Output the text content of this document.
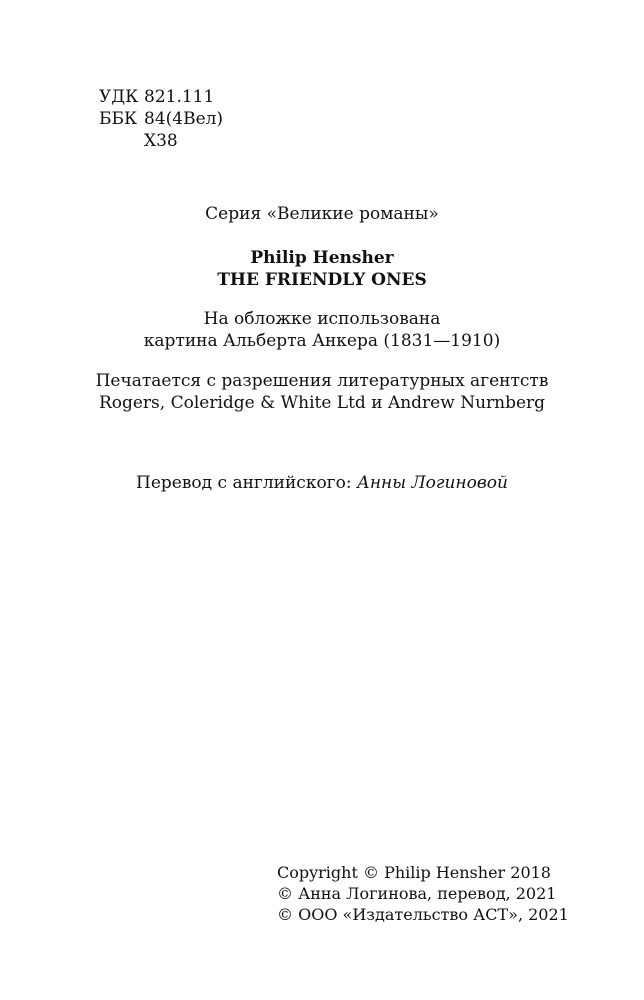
УДК 821.111
ББК 84(4Вел)
Х38
Серия «Великие романы»
Philip Hensher
THE FRIENDLY ONES
На обложке использована
картина Альберта Анкера (1831—1910)
Печатается с разрешения литературных агентств
Rogers, Coleridge & White Ltd и Andrew Nurnberg
Перевод с английского: Анны Логиновой
Copyright © Philip Hensher 2018
© Анна Логинова, перевод, 2021
© ООО «Издательство АСТ», 2021
